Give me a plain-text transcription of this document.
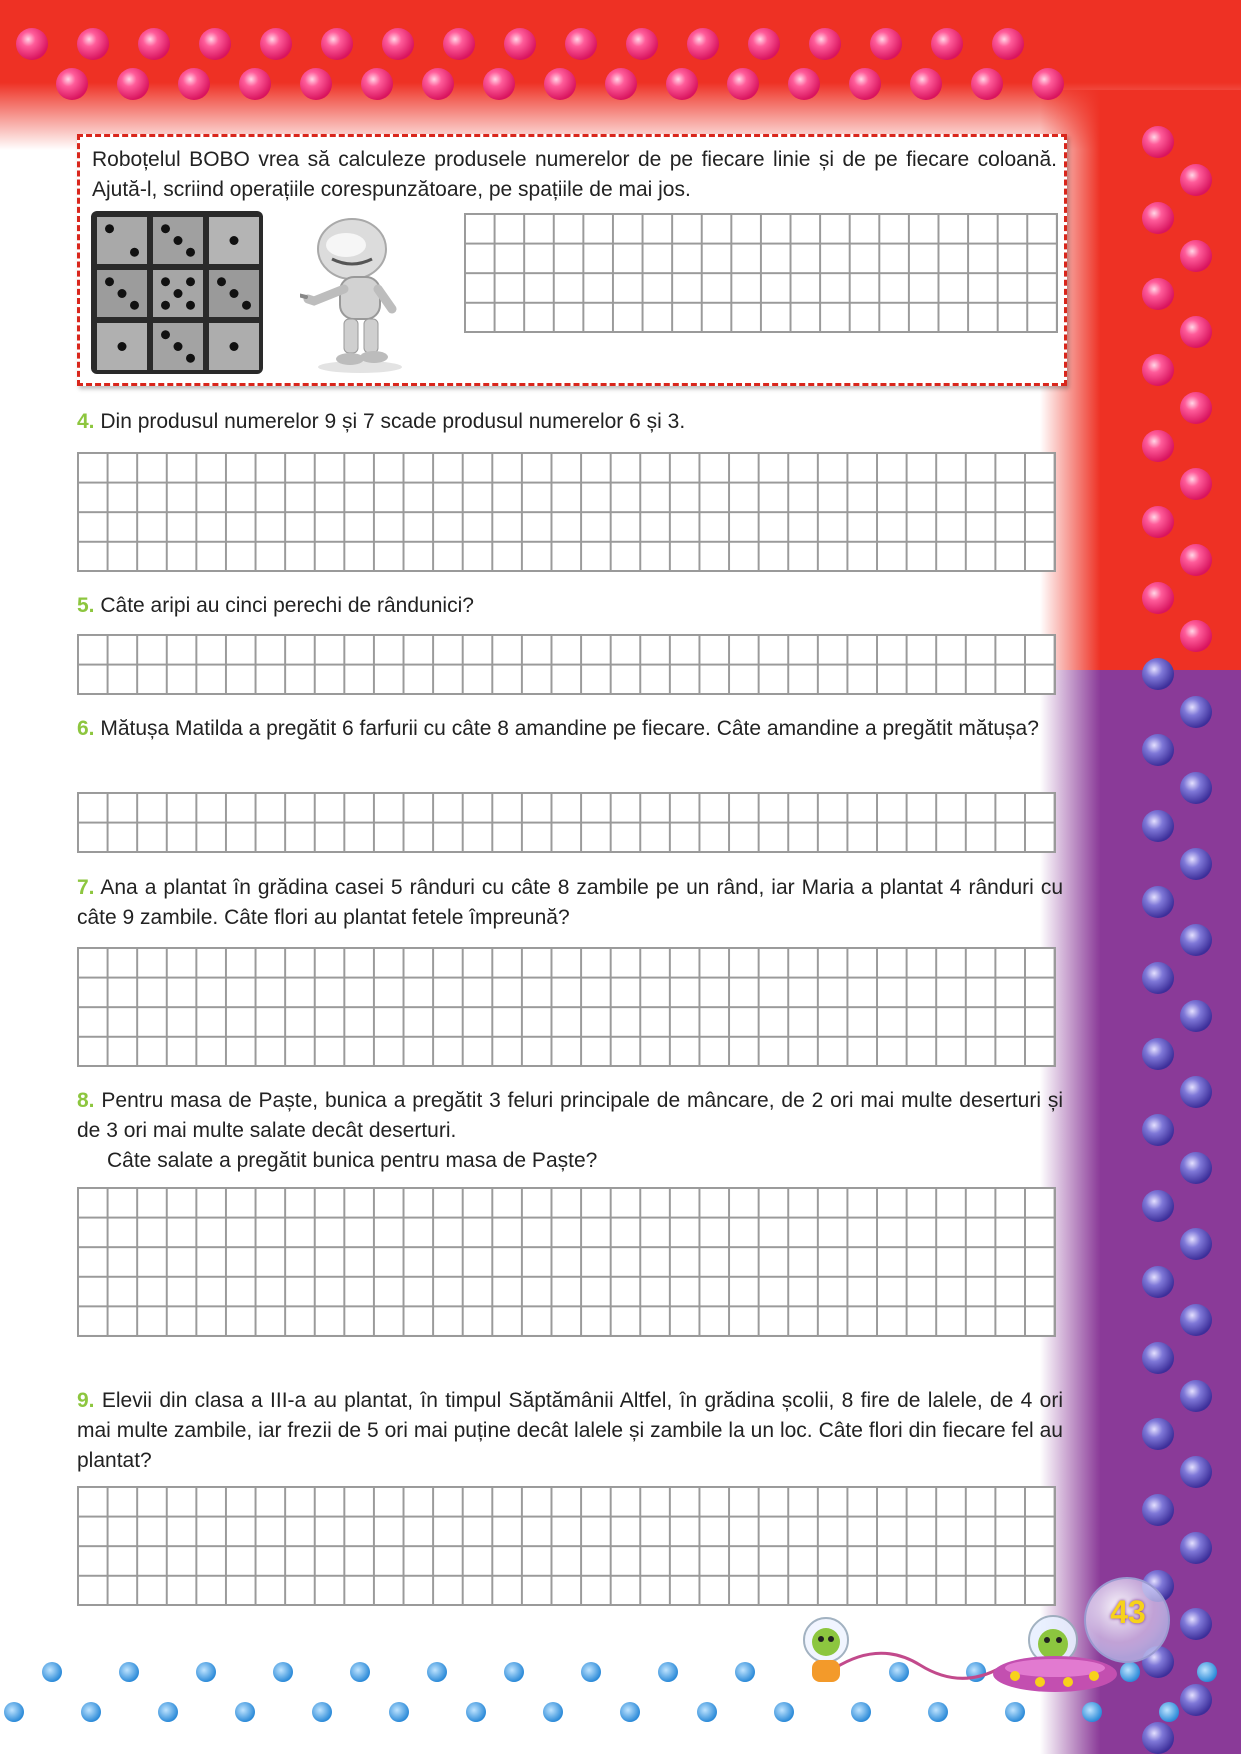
Roboțelul BOBO vrea să calculeze produsele numerelor de pe fiecare linie și de pe fiecare coloană. Ajută-l, scriind operațiile corespunzătoare, pe spațiile de mai jos.
4. Din produsul numerelor 9 și 7 scade produsul numerelor 6 și 3.
5. Câte aripi au cinci perechi de rândunici?
6. Mătușa Matilda a pregătit 6 farfurii cu câte 8 amandine pe fiecare. Câte amandine a pregătit mătușa?
7. Ana a plantat în grădina casei 5 rânduri cu câte 8 zambile pe un rând, iar Maria a plantat 4 rânduri cu câte 9 zambile. Câte flori au plantat fetele împreună?
8. Pentru masa de Paște, bunica a pregătit 3 feluri principale de mâncare, de 2 ori mai multe deserturi și de 3 ori mai multe salate decât deserturi.
Câte salate a pregătit bunica pentru masa de Paște?
9. Elevii din clasa a III-a au plantat, în timpul Săptămânii Altfel, în grădina școlii, 8 fire de lalele, de 4 ori mai multe zambile, iar frezii de 5 ori mai puține decât lalele și zambile la un loc. Câte flori din fiecare fel au plantat?
43
